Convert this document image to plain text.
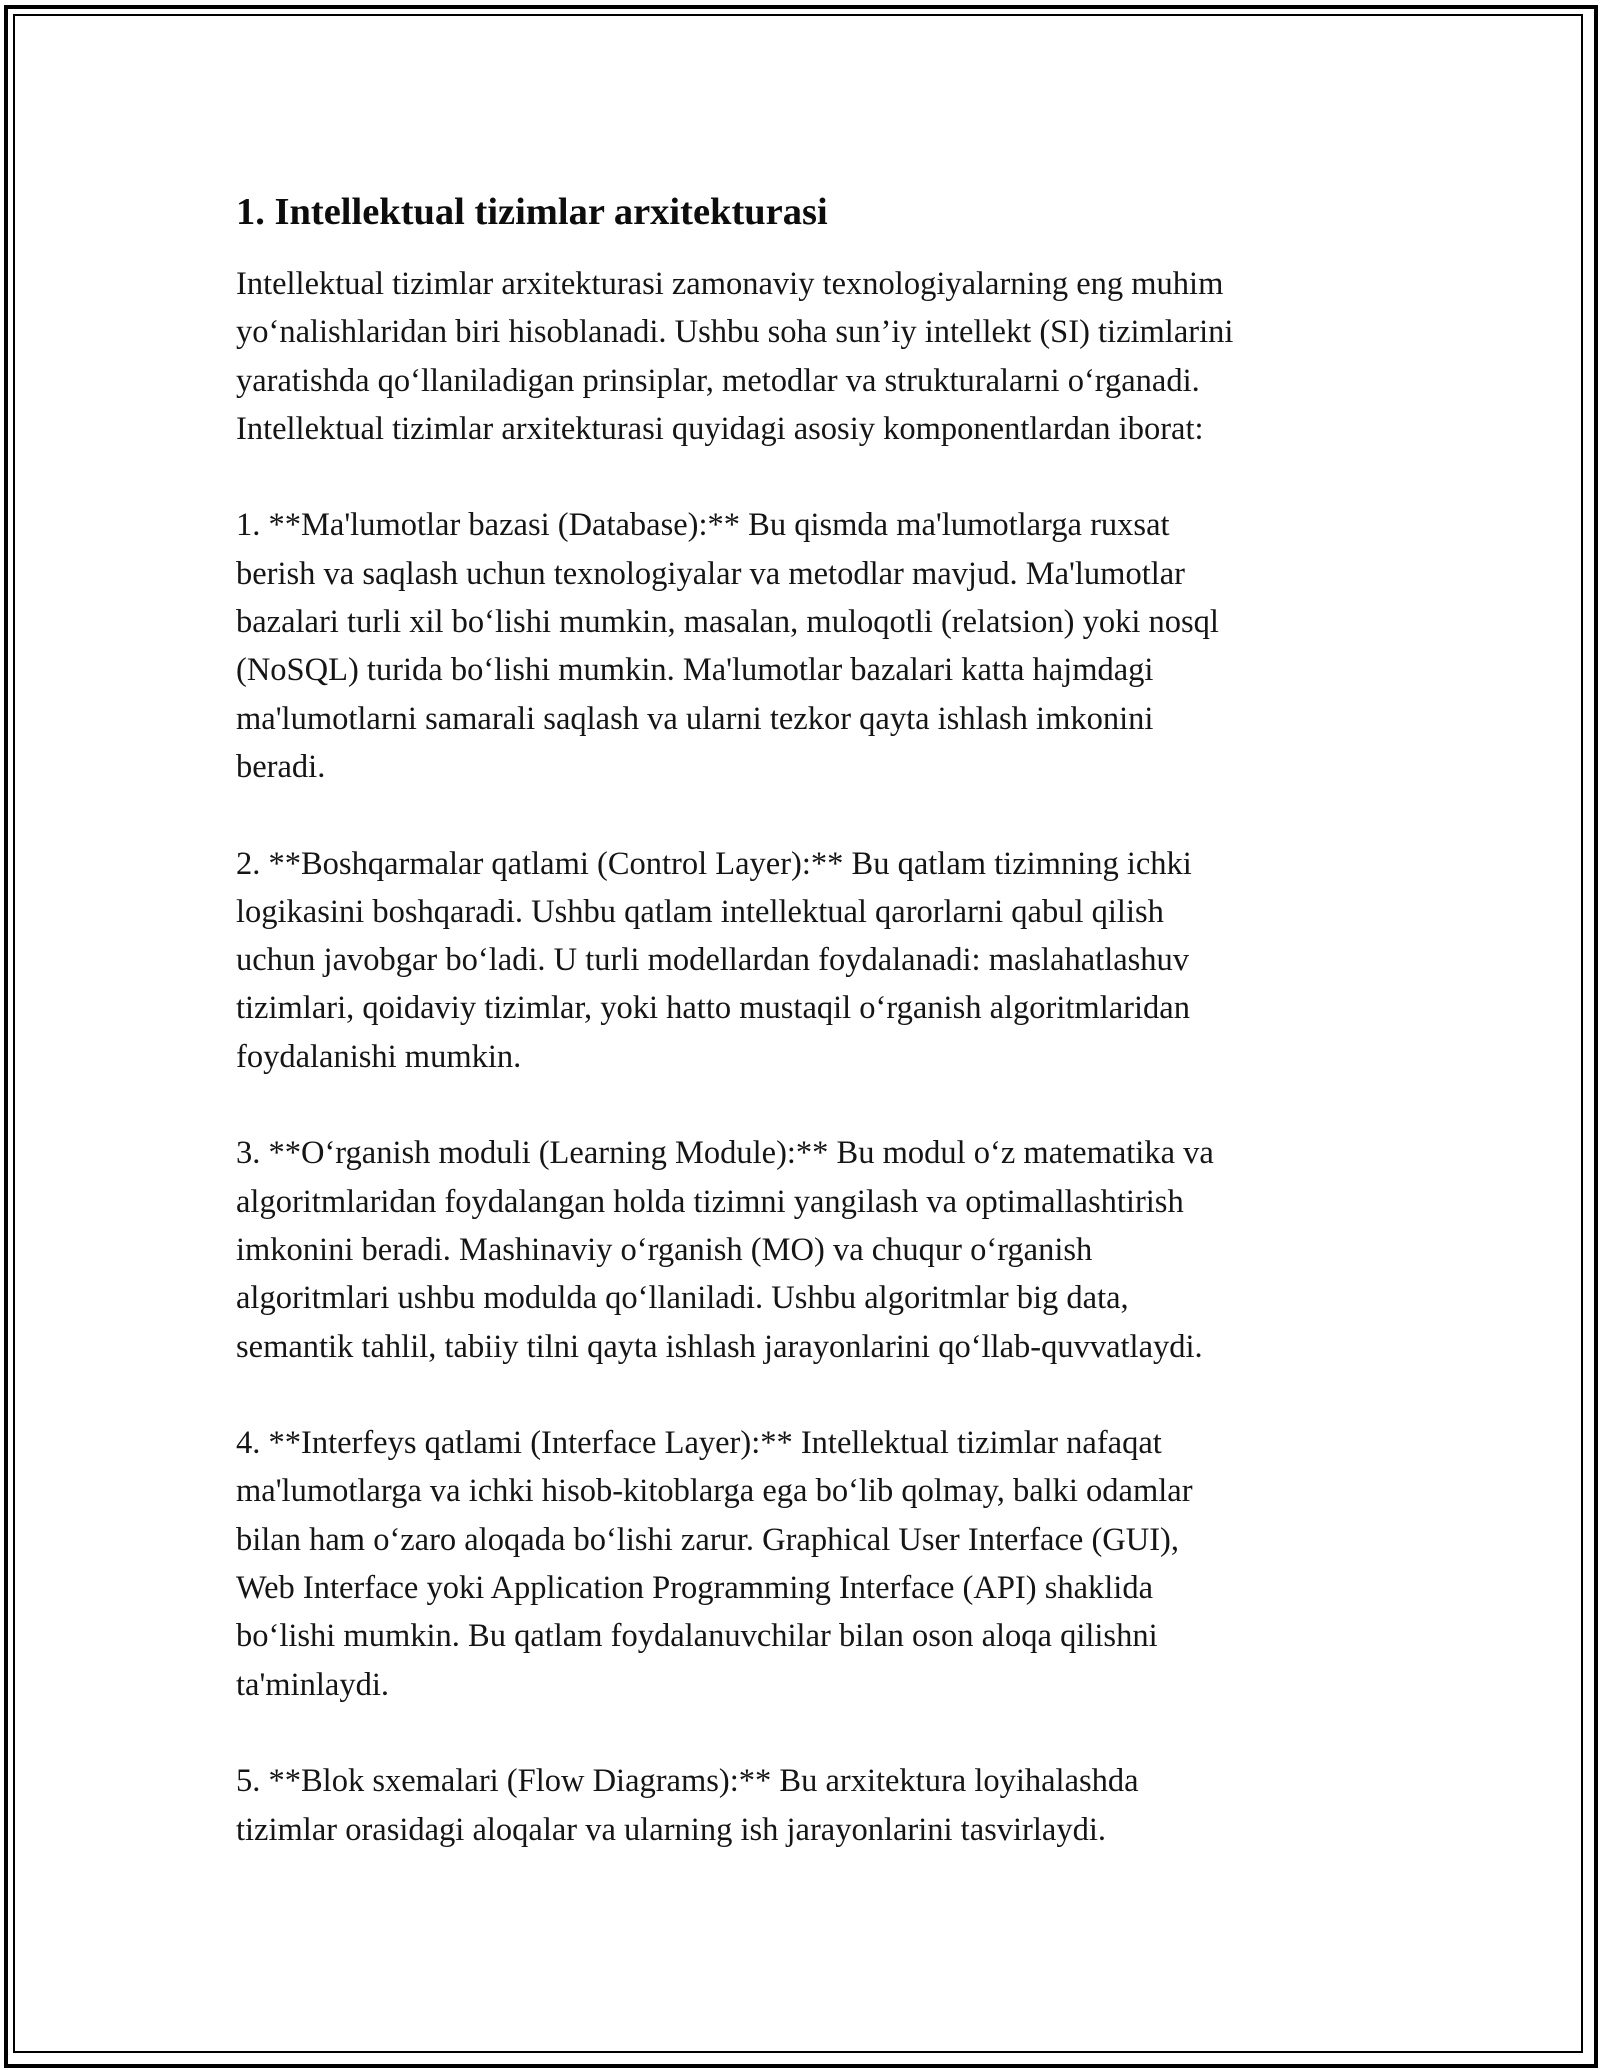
1. Intellektual tizimlar arxitekturasi

Intellektual tizimlar arxitekturasi zamonaviy texnologiyalarning eng muhim
yoʻnalishlaridan biri hisoblanadi. Ushbu soha sun’iy intellekt (SI) tizimlarini
yaratishda qoʻllaniladigan prinsiplar, metodlar va strukturalarni oʻrganadi.
Intellektual tizimlar arxitekturasi quyidagi asosiy komponentlardan iborat:

1. **Ma'lumotlar bazasi (Database):** Bu qismda ma'lumotlarga ruxsat
berish va saqlash uchun texnologiyalar va metodlar mavjud. Ma'lumotlar
bazalari turli xil boʻlishi mumkin, masalan, muloqotli (relatsion) yoki nosql
(NoSQL) turida boʻlishi mumkin. Ma'lumotlar bazalari katta hajmdagi
ma'lumotlarni samarali saqlash va ularni tezkor qayta ishlash imkonini
beradi.

2. **Boshqarmalar qatlami (Control Layer):** Bu qatlam tizimning ichki
logikasini boshqaradi. Ushbu qatlam intellektual qarorlarni qabul qilish
uchun javobgar boʻladi. U turli modellardan foydalanadi: maslahatlashuv
tizimlari, qoidaviy tizimlar, yoki hatto mustaqil oʻrganish algoritmlaridan
foydalanishi mumkin.

3. **Oʻrganish moduli (Learning Module):** Bu modul oʻz matematika va
algoritmlaridan foydalangan holda tizimni yangilash va optimallashtirish
imkonini beradi. Mashinaviy oʻrganish (MO) va chuqur oʻrganish
algoritmlari ushbu modulda qoʻllaniladi. Ushbu algoritmlar big data,
semantik tahlil, tabiiy tilni qayta ishlash jarayonlarini qoʻllab-quvvatlaydi.

4. **Interfeys qatlami (Interface Layer):** Intellektual tizimlar nafaqat
ma'lumotlarga va ichki hisob-kitoblarga ega boʻlib qolmay, balki odamlar
bilan ham oʻzaro aloqada boʻlishi zarur. Graphical User Interface (GUI),
Web Interface yoki Application Programming Interface (API) shaklida
boʻlishi mumkin. Bu qatlam foydalanuvchilar bilan oson aloqa qilishni
ta'minlaydi.

5. **Blok sxemalari (Flow Diagrams):** Bu arxitektura loyihalashda
tizimlar orasidagi aloqalar va ularning ish jarayonlarini tasvirlaydi.
